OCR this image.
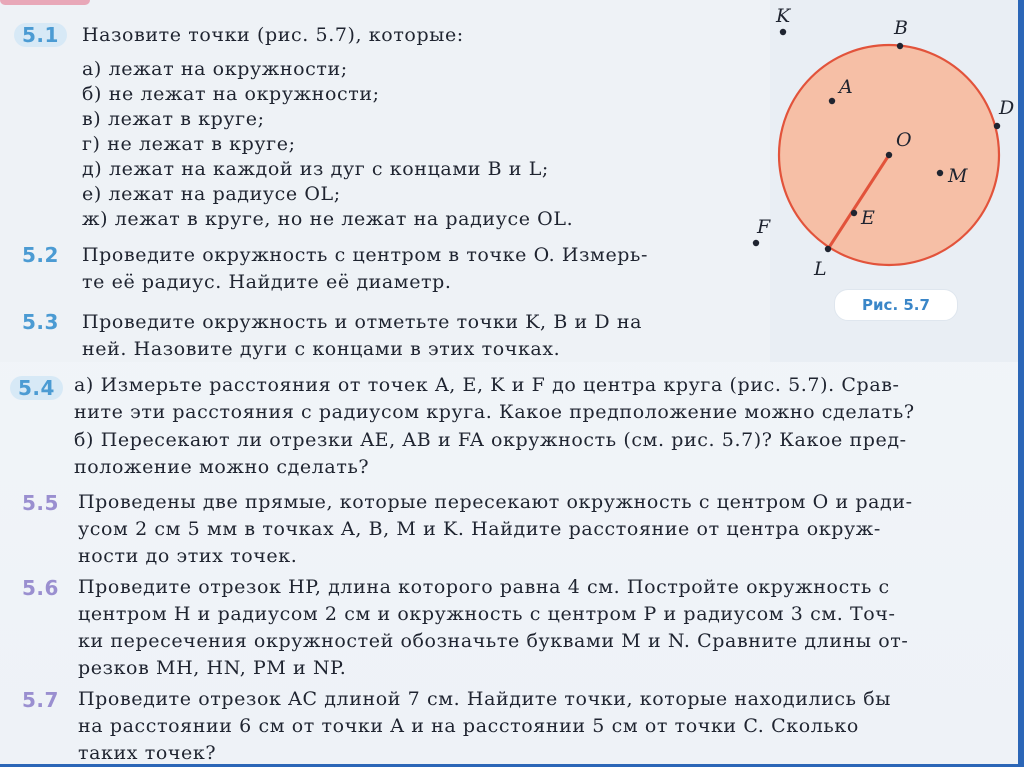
5.1	Назовите точки (рис. 5.7), которые:
а) лежат на окружности;
б) не лежат на окружности;
в) лежат в круге;
г) не лежат в круге;
д) лежат на каждой из дуг с концами B и L;
е) лежат на радиусе OL;
ж) лежат в круге, но не лежат на радиусе OL.
5.2 Проведите окружность с центром в точке O. Измерь-
те её радиус. Найдите её диаметр.
5.3 Проведите окружность и отметьте точки K, B и D на
ней. Назовите дуги с концами в этих точках.
5.4	а) Измерьте расстояния от точек A, E, K и F до центра круга (рис. 5.7). Срав-
ните эти расстояния с радиусом круга. Какое предположение можно сделать?
б) Пересекают ли отрезки AE, AB и FA окружность (см. рис. 5.7)? Какое пред-
положение можно сделать?
5.5 Проведены две прямые, которые пересекают окружность с центром O и ради-
усом 2 см 5 мм в точках A, B, M и K. Найдите расстояние от центра окруж-
ности до этих точек.
5.6 Проведите отрезок HP, длина которого равна 4 см. Постройте окружность с
центром H и радиусом 2 см и окружность с центром P и радиусом 3 см. Точ-
ки пересечения окружностей обозначьте буквами M и N. Сравните длины от-
резков MH, HN, PM и NP.
5.7 Проведите отрезок AC длиной 7 см. Найдите точки, которые находились бы
на расстоянии 6 см от точки A и на расстоянии 5 см от точки C. Сколько
таких точек?
K
B
A
D
O
M
E
F
L
Рис. 5.7
